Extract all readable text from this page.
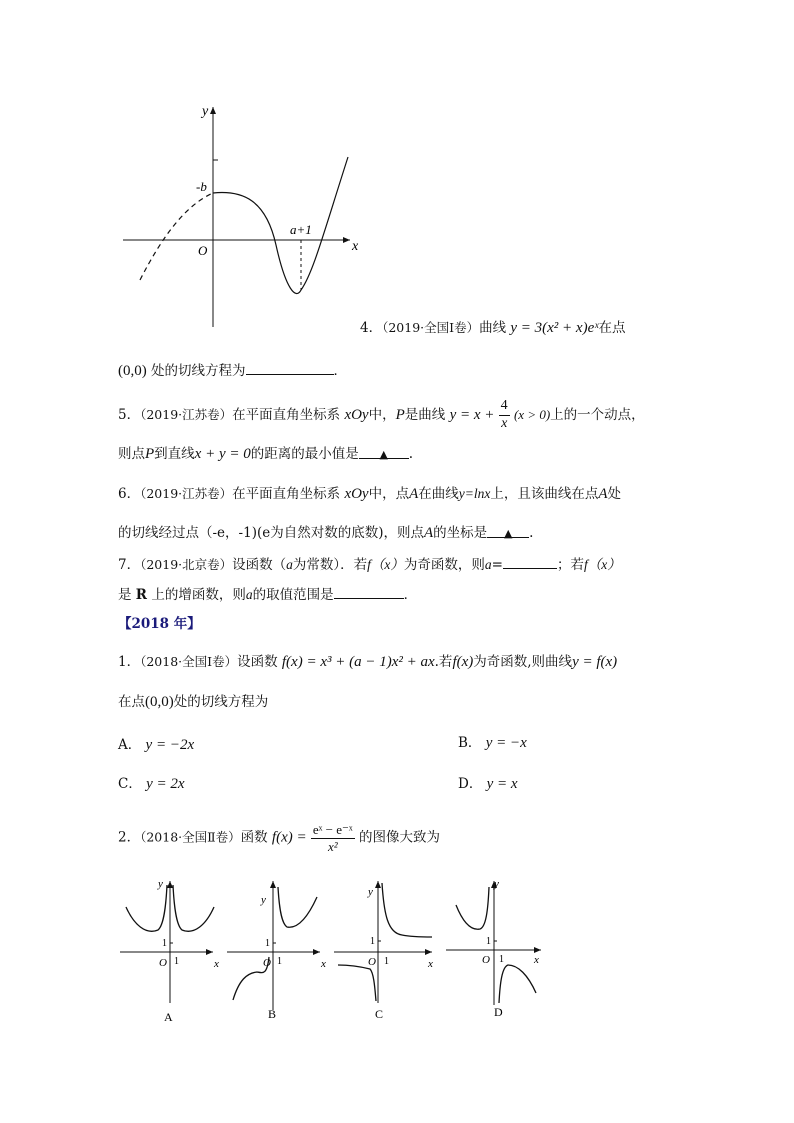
y
x
O
-b
a+1
4．（2019·全国Ⅰ卷）曲线 y = 3(x² + x)eˣ在点
(0,0) 处的切线方程为	．
5．（2019·江苏卷）在平面直角坐标系 xOy中，P是曲线 $y = x + \frac{4}{x} (x > 0)$上的一个动点，
则点P到直线x + y = 0的距离的最小值是 ▲ .
6．（2019·江苏卷）在平面直角坐标系 xOy中，点A在曲线y=lnx上，且该曲线在点A处
的切线经过点（-e，-1)(e为自然对数的底数)，则点A的坐标是 ▲ .
7．（2019·北京卷）设函数（a为常数）．若f（x）为奇函数，则a=	；若f（x）
是 R 上的增函数，则a的取值范围是	．
【2018 年】
1．（2018·全国Ⅰ卷）设函数 f(x) = x³ + (a − 1)x² + ax.若f(x)为奇函数,则曲线y = f(x)
在点(0,0)处的切线方程为
A． y = −2x	B． y = −x
C． y = 2x	D． y = x
2．（2018·全国Ⅱ卷）函数 $f(x) = \frac{\text{eˣ − e⁻ˣ}}{\text{x²}}$ 的图像大致为
y
x
O 1
1
A
y
x
O 1
1
B
y
x
O 1
1
C
y
x
O 1
1
D
